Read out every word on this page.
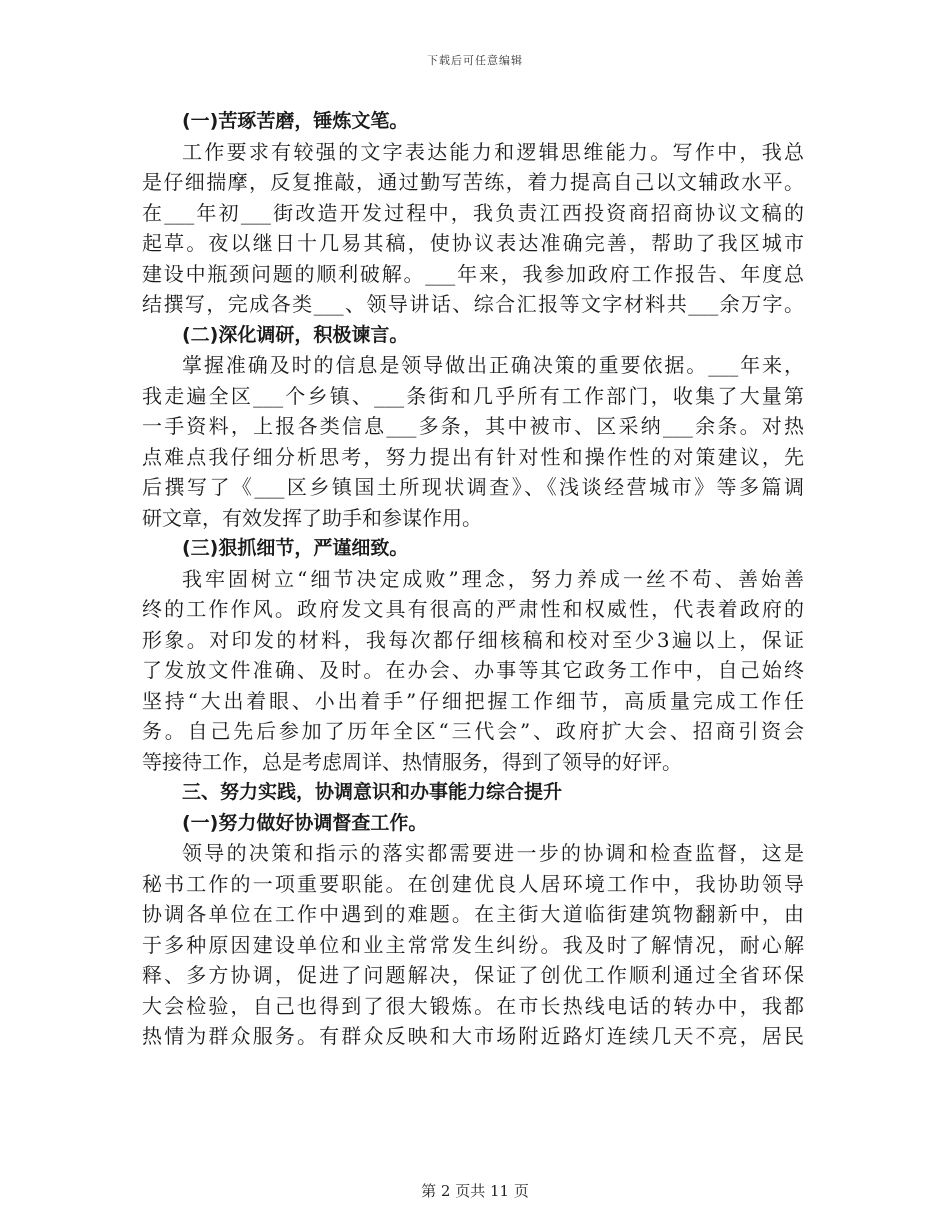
下载后可任意编辑
(一)苦琢苦磨，锤炼文笔。
工作要求有较强的文字表达能力和逻辑思维能力。写作中，我总
是仔细揣摩，反复推敲，通过勤写苦练，着力提高自己以文辅政水平。
在___年初___街改造开发过程中，我负责江西投资商招商协议文稿的
起草。夜以继日十几易其稿，使协议表达准确完善，帮助了我区城市
建设中瓶颈问题的顺利破解。___年来，我参加政府工作报告、年度总
结撰写，完成各类___、领导讲话、综合汇报等文字材料共___余万字。
(二)深化调研，积极谏言。
掌握准确及时的信息是领导做出正确决策的重要依据。___年来，
我走遍全区___个乡镇、___条街和几乎所有工作部门，收集了大量第
一手资料，上报各类信息___多条，其中被市、区采纳___余条。对热
点难点我仔细分析思考，努力提出有针对性和操作性的对策建议，先
后撰写了《___区乡镇国土所现状调查》、《浅谈经营城市》等多篇调
研文章，有效发挥了助手和参谋作用。
(三)狠抓细节，严谨细致。
我牢固树立“细节决定成败”理念，努力养成一丝不苟、善始善
终的工作作风。政府发文具有很高的严肃性和权威性，代表着政府的
形象。对印发的材料，我每次都仔细核稿和校对至少3遍以上，保证
了发放文件准确、及时。在办会、办事等其它政务工作中，自己始终
坚持“大出着眼、小出着手”仔细把握工作细节，高质量完成工作任
务。自己先后参加了历年全区“三代会”、政府扩大会、招商引资会
等接待工作，总是考虑周详、热情服务，得到了领导的好评。
三、努力实践，协调意识和办事能力综合提升
(一)努力做好协调督查工作。
领导的决策和指示的落实都需要进一步的协调和检查监督，这是
秘书工作的一项重要职能。在创建优良人居环境工作中，我协助领导
协调各单位在工作中遇到的难题。在主街大道临街建筑物翻新中，由
于多种原因建设单位和业主常常发生纠纷。我及时了解情况，耐心解
释、多方协调，促进了问题解决，保证了创优工作顺利通过全省环保
大会检验，自己也得到了很大锻炼。在市长热线电话的转办中，我都
热情为群众服务。有群众反映和大市场附近路灯连续几天不亮，居民
第 2 页共 11 页
